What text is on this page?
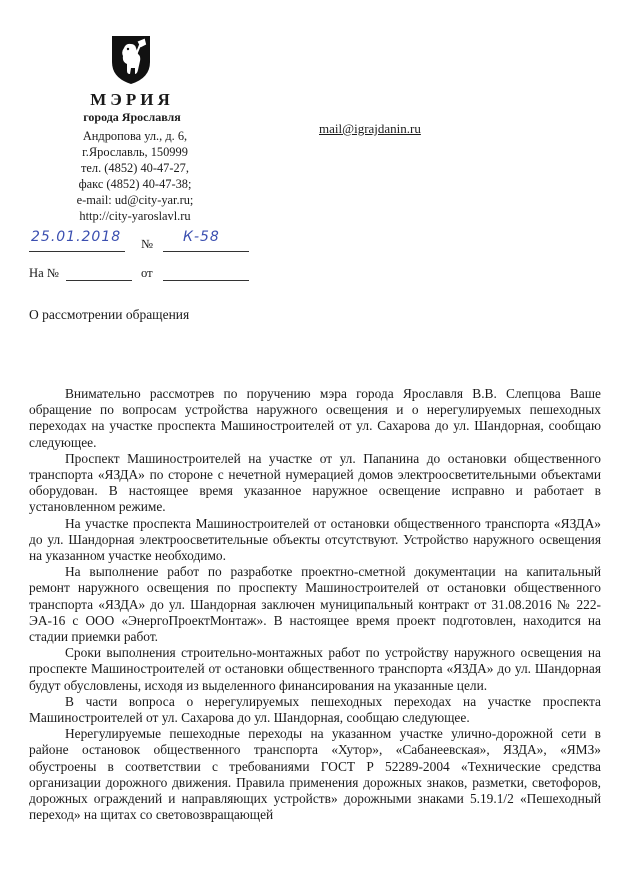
МЭРИЯ
города Ярославля
Андропова ул., д. 6,
г.Ярославль, 150999
тел. (4852) 40-47-27,
факс (4852) 40-47-38;
e-mail: ud@city-yar.ru;
http://city-yaroslavl.ru
mail@igrajdanin.ru
25.01.2018 № К-58
На №	от
О рассмотрении обращения

Внимательно рассмотрев по поручению мэра города Ярославля В.В. Слепцова Ваше обращение по вопросам устройства наружного освещения и о нерегулируемых пешеходных переходах на участке проспекта Машиностроителей от ул. Сахарова до ул. Шандорная, сообщаю следующее.

Проспект Машиностроителей на участке от ул. Папанина до остановки общественного транспорта «ЯЗДА» по стороне с нечетной нумерацией домов электроосветительными объектами оборудован. В настоящее время указанное наружное освещение исправно и работает в установленном режиме.

На участке проспекта Машиностроителей от остановки общественного транспорта «ЯЗДА» до ул. Шандорная электроосветительные объекты отсутствуют. Устройство наружного освещения на указанном участке необходимо.

На выполнение работ по разработке проектно-сметной документации на капитальный ремонт наружного освещения по проспекту Машиностроителей от остановки общественного транспорта «ЯЗДА» до ул. Шандорная заключен муниципальный контракт от 31.08.2016 № 222-ЭА-16 с ООО «ЭнергоПроектМонтаж». В настоящее время проект подготовлен, находится на стадии приемки работ.

Сроки выполнения строительно-монтажных работ по устройству наружного освещения на проспекте Машиностроителей от остановки общественного транспорта «ЯЗДА» до ул. Шандорная будут обусловлены, исходя из выделенного финансирования на указанные цели.

В части вопроса о нерегулируемых пешеходных переходах на участке проспекта Машиностроителей от ул. Сахарова до ул. Шандорная, сообщаю следующее.

Нерегулируемые пешеходные переходы на указанном участке улично-дорожной сети в районе остановок общественного транспорта «Хутор», «Сабанеевская», ЯЗДА», «ЯМЗ» обустроены в соответствии с требованиями ГОСТ Р 52289-2004 «Технические средства организации дорожного движения. Правила применения дорожных знаков, разметки, светофоров, дорожных ограждений и направляющих устройств» дорожными знаками 5.19.1/2 «Пешеходный переход» на щитах со световозвращающей
